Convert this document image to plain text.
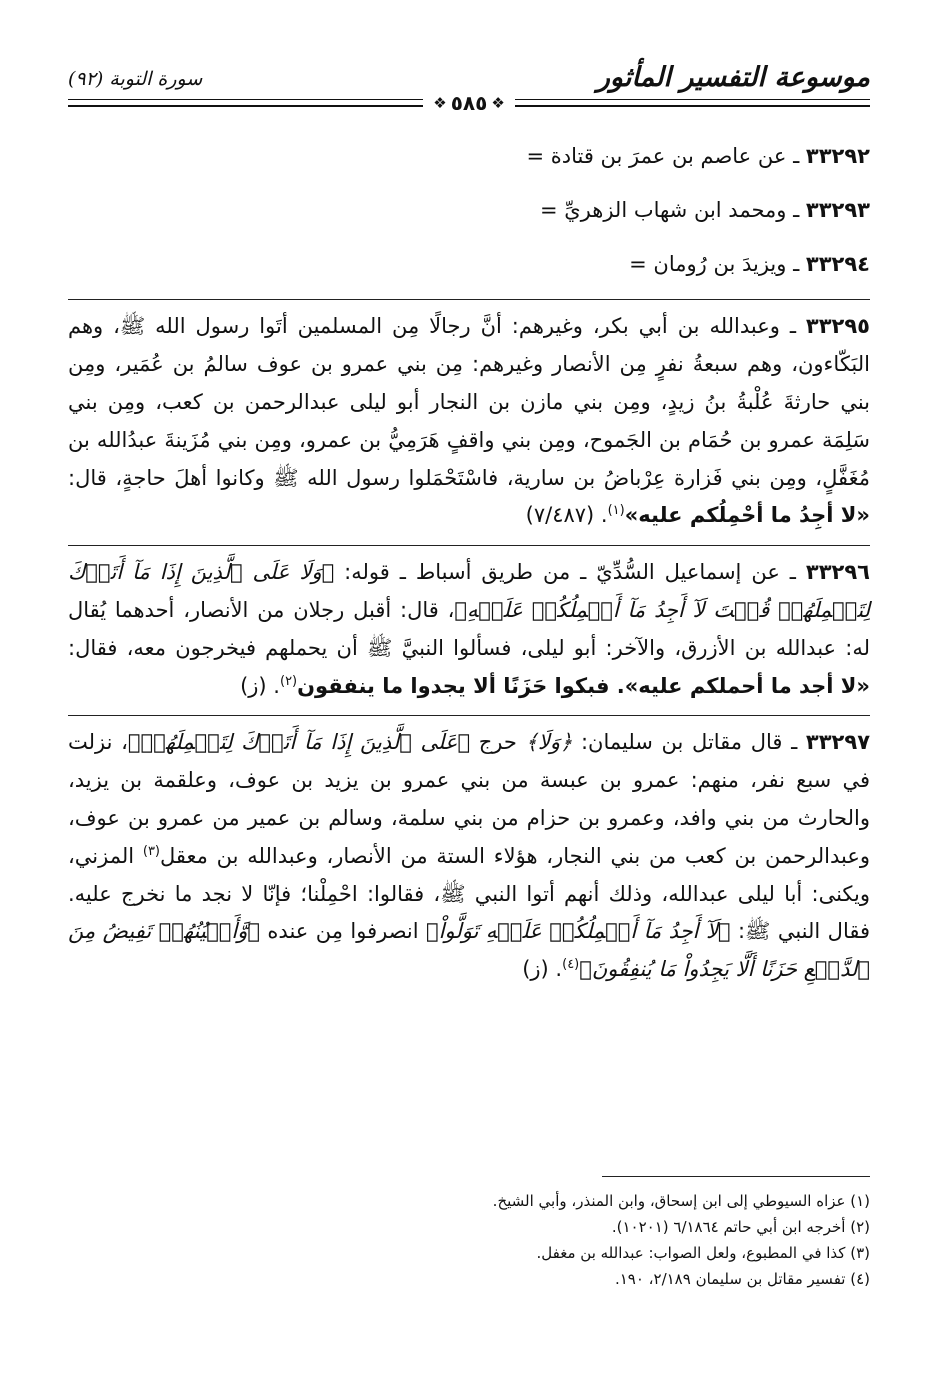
موسوعة التفسير المأثور
سورة التوبة (٩٢)
❖ ٥٨٥ ❖

٣٣٢٩٢ ـ عن عاصم بن عمرَ بن قتادة =

٣٣٢٩٣ ـ ومحمد ابن شهاب الزهريِّ =

٣٣٢٩٤ ـ ويزيدَ بن رُومان =

٣٣٢٩٥ ـ وعبدالله بن أبي بكر، وغيرهم: أنَّ رجالًا مِن المسلمين أتَوا رسول الله ﷺ، وهم البَكّاءون، وهم سبعةُ نفرٍ مِن الأنصار وغيرهم: مِن بني عمرو بن عوف سالمُ بن عُمَير، ومِن بني حارثةَ عُلْبةُ بنُ زيدٍ، ومِن بني مازن بن النجار أبو ليلى عبدالرحمن بن كعب، ومِن بني سَلِمَة عمرو بن حُمَام بن الجَموح، ومِن بني واقفٍ هَرَمِيُّ بن عمرو، ومِن بني مُزَينةَ عبدُالله بن مُغَفَّلٍ، ومِن بني فَزارة عِرْباضُ بن سارية، فاسْتَحْمَلوا رسول الله ﷺ وكانوا أهلَ حاجةٍ، قال: «لا أجِدُ ما أحْمِلُكم عليه»$^{(١)}$. (٧/٤٨٧)

٣٣٢٩٦ ـ عن إسماعيل السُّدِّيّ ـ من طريق أسباط ـ قوله: ﴿وَلَا عَلَى ٱلَّذِينَ إِذَا مَآ أَتَوۡكَ لِتَحۡمِلَهُمۡ قُلۡتَ لَآ أَجِدُ مَآ أَحۡمِلُكُمۡ عَلَيۡهِ﴾، قال: أقبل رجلان من الأنصار، أحدهما يُقال له: عبدالله بن الأزرق، والآخر: أبو ليلى، فسألوا النبيَّ ﷺ أن يحملهم فيخرجون معه، فقال: «لا أجد ما أحملكم عليه». فبكوا حَزَنًا ألا يجدوا ما ينفقون$^{(٢)}$. (ز)

٣٣٢٩٧ ـ قال مقاتل بن سليمان: ﴿وَلَا﴾ حرج ﴿عَلَى ٱلَّذِينَ إِذَا مَآ أَتَوۡكَ لِتَحۡمِلَهُمۡ﴾، نزلت في سبع نفر، منهم: عمرو بن عبسة من بني عمرو بن يزيد بن عوف، وعلقمة بن يزيد، والحارث من بني وافد، وعمرو بن حزام من بني سلمة، وسالم بن عمير من عمرو بن عوف، وعبدالرحمن بن كعب من بني النجار، هؤلاء الستة من الأنصار، وعبدالله بن معقل$^{(٣)}$ المزني، ويكنى: أبا ليلى عبدالله، وذلك أنهم أتوا النبي ﷺ، فقالوا: احْمِلْنا؛ فإنّا لا نجد ما نخرج عليه. فقال النبي ﷺ: ﴿لَآ أَجِدُ مَآ أَحۡمِلُكُمۡ عَلَيۡهِ تَوَلَّواْ﴾ انصرفوا مِن عنده ﴿وَّأَعۡيُنُهُمۡ تَفِيضُ مِنَ ٱلدَّمۡعِ حَزَنًا أَلَّا يَجِدُواْ مَا يُنفِقُونَ﴾$^{(٤)}$. (ز)

(١) عزاه السيوطي إلى ابن إسحاق، وابن المنذر، وأبي الشيخ.

(٢) أخرجه ابن أبي حاتم ٦/١٨٦٤ (١٠٢٠١).

(٣) كذا في المطبوع، ولعل الصواب: عبدالله بن مغفل.

(٤) تفسير مقاتل بن سليمان ٢/١٨٩، ١٩٠.
